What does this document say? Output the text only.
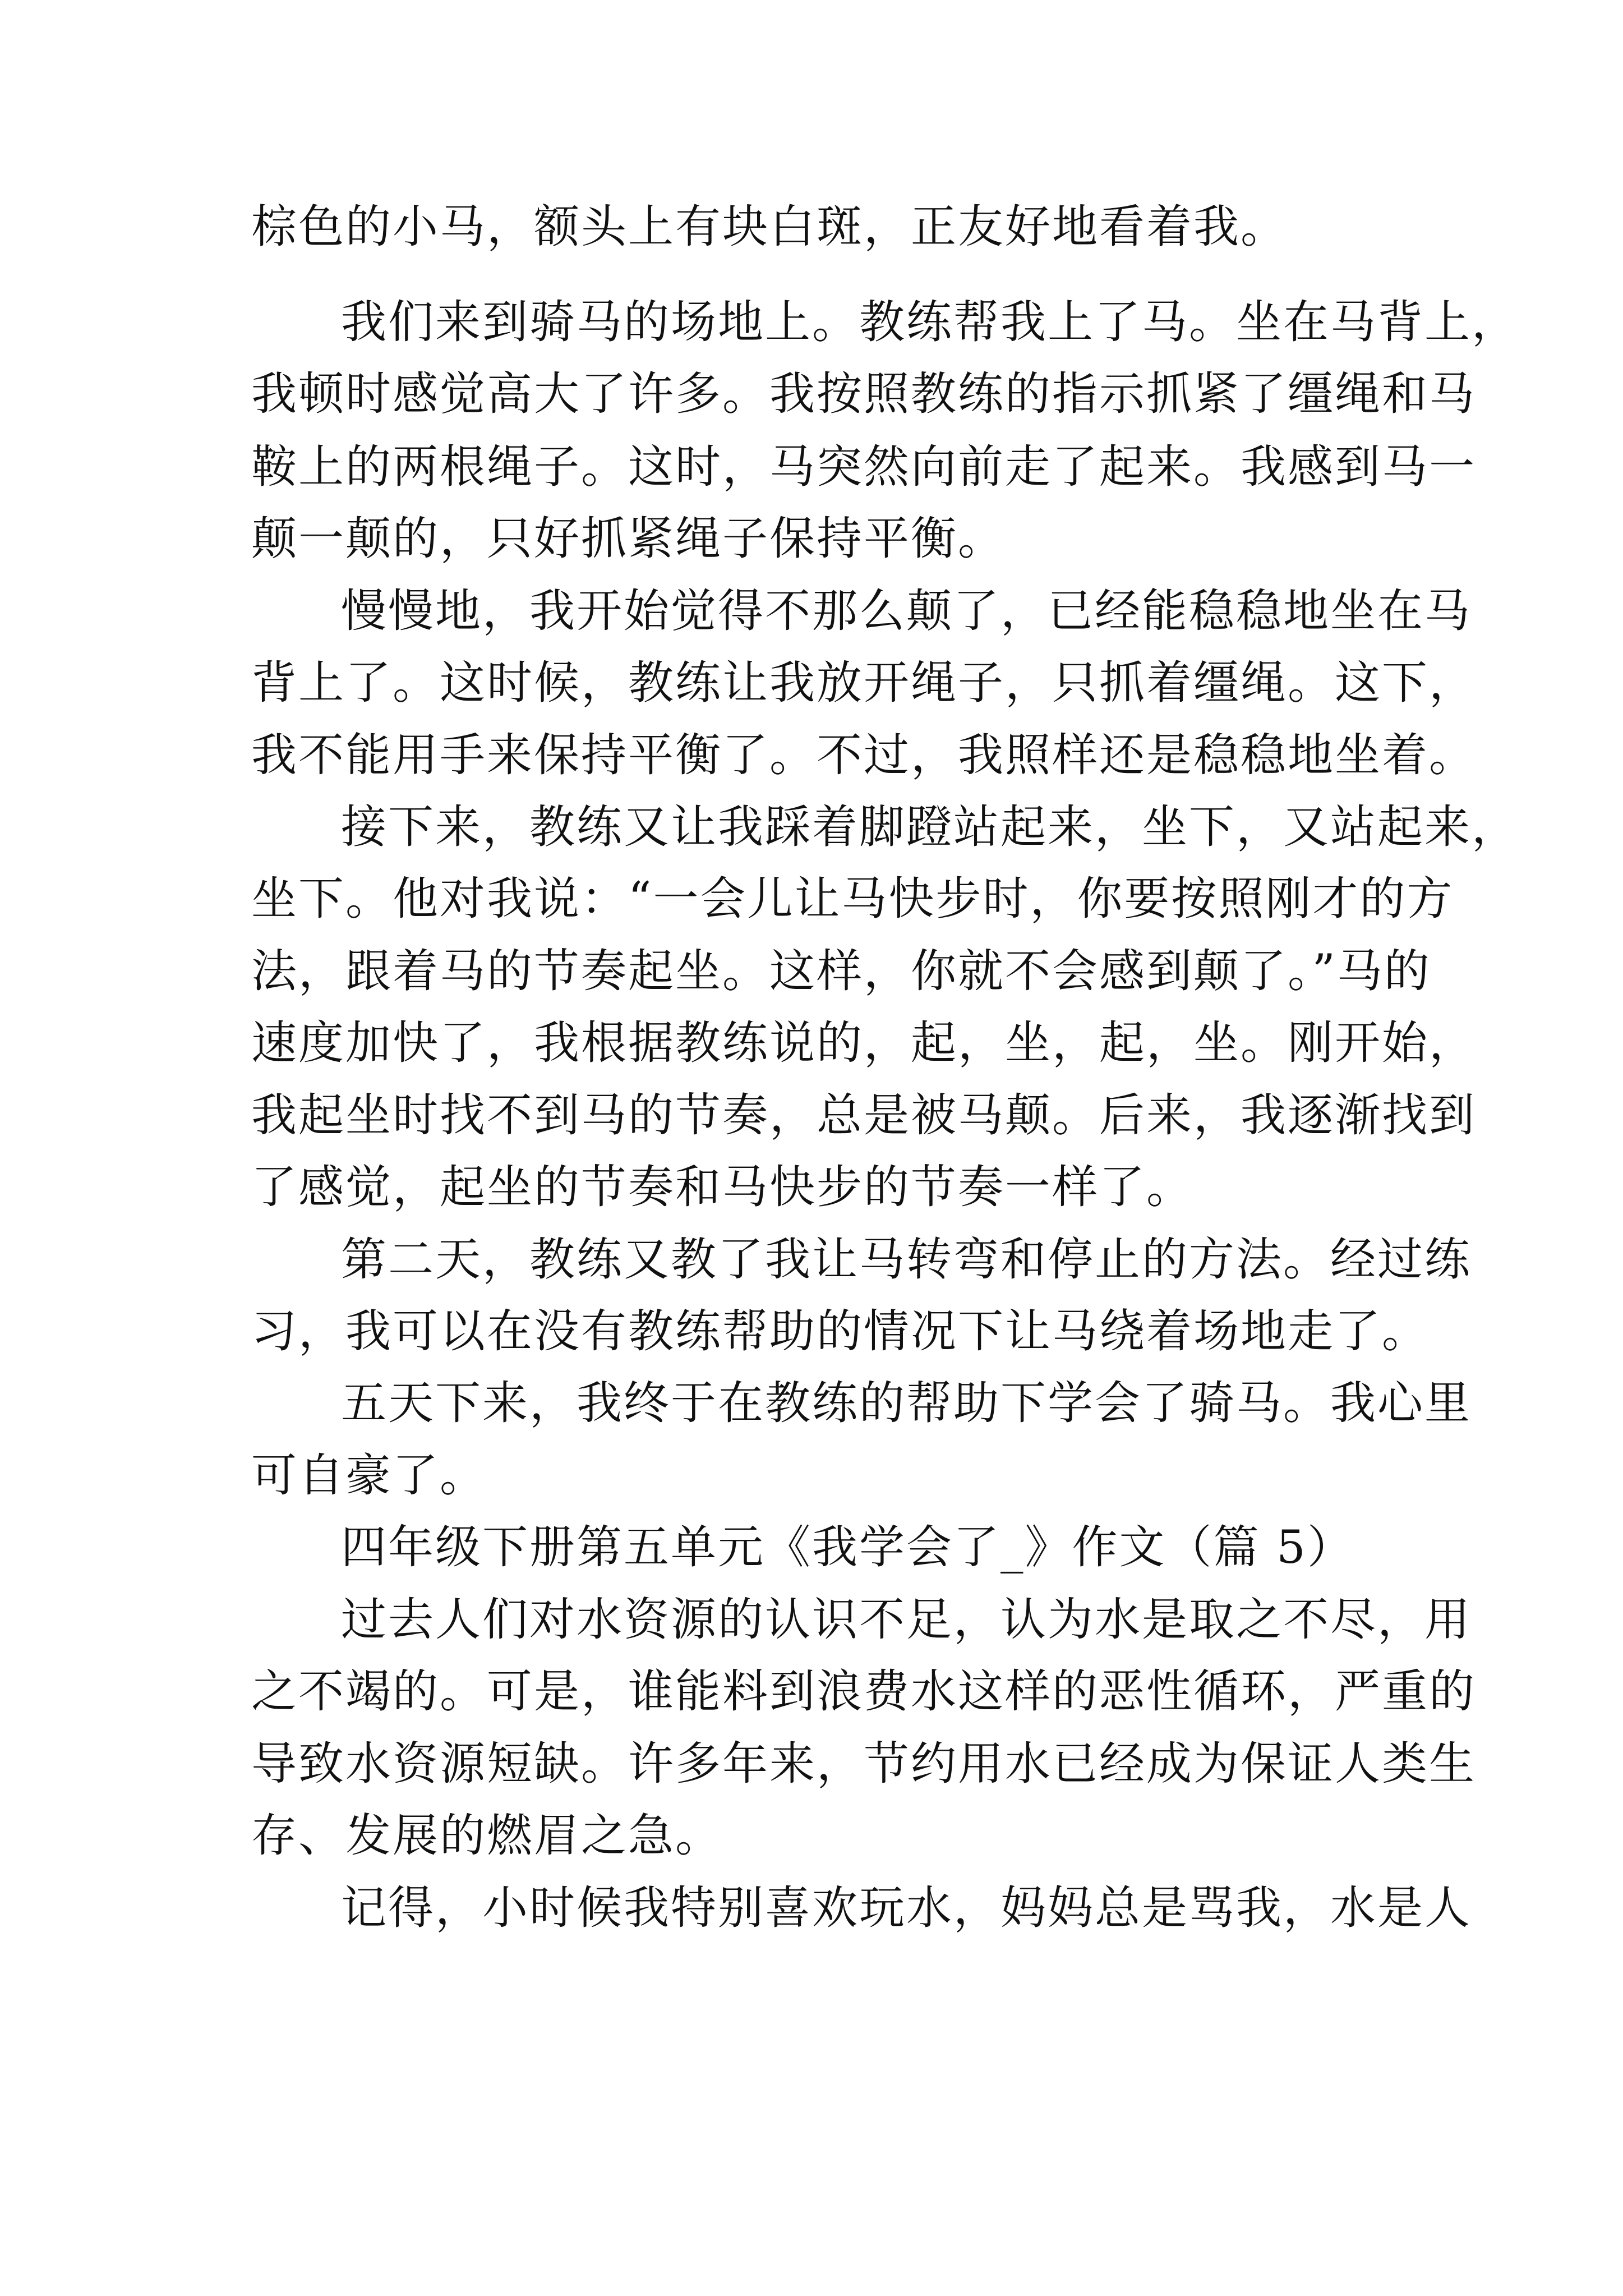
棕色的小马，额头上有块白斑，正友好地看着我。
我们来到骑马的场地上。教练帮我上了马。坐在马背上，
我顿时感觉高大了许多。我按照教练的指示抓紧了缰绳和马
鞍上的两根绳子。这时，马突然向前走了起来。我感到马一
颠一颠的，只好抓紧绳子保持平衡。
慢慢地，我开始觉得不那么颠了，已经能稳稳地坐在马
背上了。这时候，教练让我放开绳子，只抓着缰绳。这下，
我不能用手来保持平衡了。不过，我照样还是稳稳地坐着。
接下来，教练又让我踩着脚蹬站起来，坐下，又站起来，
坐下。他对我说：“一会儿让马快步时，你要按照刚才的方
法，跟着马的节奏起坐。这样，你就不会感到颠了。”马的
速度加快了，我根据教练说的，起，坐，起，坐。刚开始，
我起坐时找不到马的节奏，总是被马颠。后来，我逐渐找到
了感觉，起坐的节奏和马快步的节奏一样了。
第二天，教练又教了我让马转弯和停止的方法。经过练
习，我可以在没有教练帮助的情况下让马绕着场地走了。
五天下来，我终于在教练的帮助下学会了骑马。我心里
可自豪了。
四年级下册第五单元《我学会了_》作文（篇 5）
过去人们对水资源的认识不足，认为水是取之不尽，用
之不竭的。可是，谁能料到浪费水这样的恶性循环，严重的
导致水资源短缺。许多年来，节约用水已经成为保证人类生
存、发展的燃眉之急。
记得，小时候我特别喜欢玩水，妈妈总是骂我，水是人
